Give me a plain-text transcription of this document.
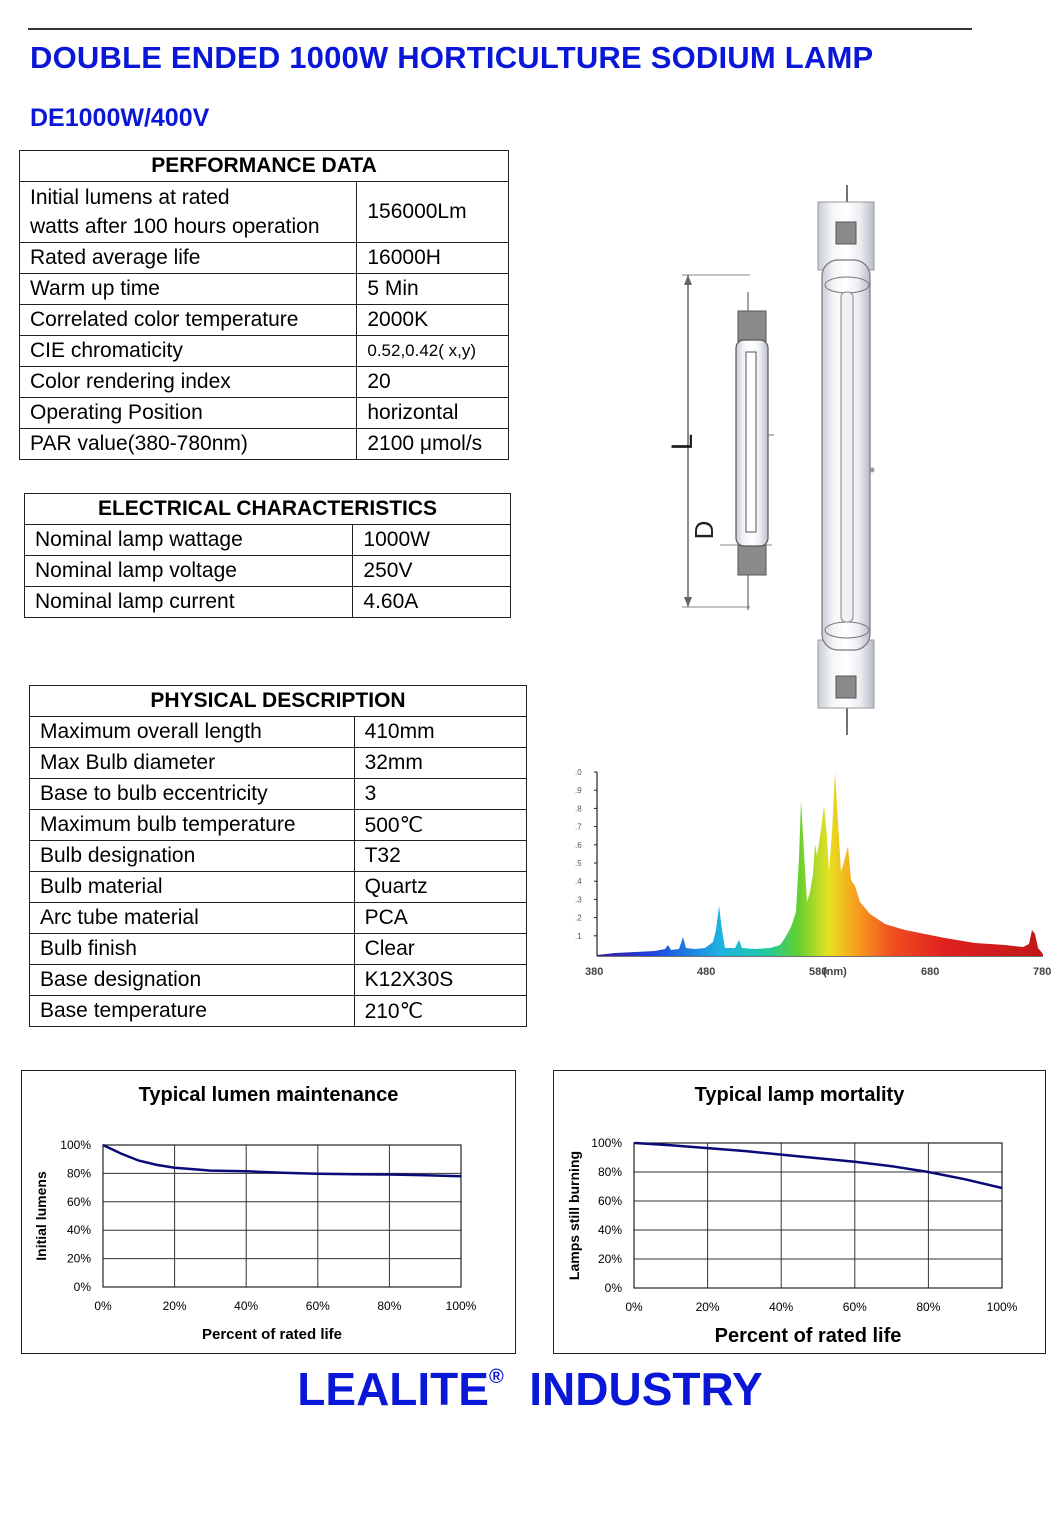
DOUBLE ENDED 1000W HORTICULTURE SODIUM LAMP
DE1000W/400V
PERFORMANCE DATA	
Initial lumens at rated
watts after 100 hours operation	156000Lm
Rated average life	16000H
Warm up time	5 Min
Correlated color temperature	2000K
CIE chromaticity	0.52,0.42( x,y)
Color rendering index	20
Operating Position	horizontal
PAR value(380-780nm)	2100 μmol/s
ELECTRICAL CHARACTERISTICS	
Nominal lamp wattage	1000W
Nominal lamp voltage	250V
Nominal lamp current	4.60A
PHYSICAL DESCRIPTION	
Maximum overall length	410mm
Max Bulb diameter	32mm
Base to bulb eccentricity	3
Maximum bulb temperature	500℃
Bulb designation	T32
Bulb material	Quartz
Arc tube material	PCA
Bulb finish	Clear
Base designation	K12X30S
Base temperature	210℃
L
D
.0
.9
.8
.7
.6
.5
.4
.3
.2
.1
380	480	580	680	780
(nm)
Typical lumen maintenance
0%	20%	40%	60%	80%	100%
100%
80%
60%
40%
20%
0%
Percent of rated life
Initial lumens
Typical lamp mortality
0%	20%	40%	60%	80%	100%
100%
80%
60%
40%
20%
0%
Percent of rated life
Lamps still burning
LEALITE® INDUSTRY
